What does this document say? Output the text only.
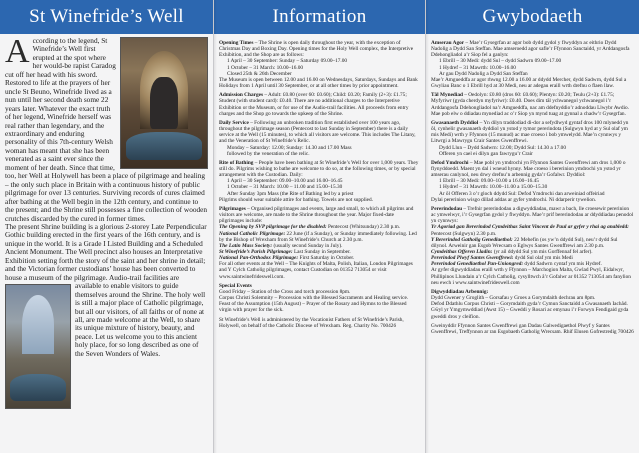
St Winefride’s Well
A ccording to the legend, St Winefride’s Well first erupted at the spot where her would-be rapist Caradog cut off her head with his sword. Restored to life at the prayers of her uncle St Beuno, Winefride lived as a nun until her second death some 22 years later. Whatever the exact truth of her legend, Winefride herself was real rather than legendary, and the extraordinary and enduring personality of this 7th-century Welsh woman has meant that she has been venerated as a saint ever since the moment of her death. Since that time, too, her Well at Holywell has been a place of pilgrimage and healing – the only such place in Britain with a continuous history of public pilgrimage for over 13 centuries. Surviving records of cures claimed after bathing at the Well begin in the 12th century, and continue to the present; and the Shrine still possesses a fine collection of wooden crutches discarded by the cured in former times.
The present Shrine building is a glorious 2-storey Late Perpendicular Gothic building erected in the first years of the 16th century, and is unique in the world. It is a Grade I Listed Building and a Scheduled Ancient Monument. The Well precinct also houses an Interpretative Exhibition setting forth the story of the saint and her shrine in detail; and the Victorian former custodians’ house has been converted to house a museum of the pilgrimage. Audio-trail facilities are
available to enable visitors to guide themselves around the Shrine. The holy well is still a major place of Catholic pilgrimage, but all our visitors, of all faiths or of none at all, are made welcome at the Well, to share its unique mixture of history, beauty, and peace. Let us welcome you to this ancient holy place, for so long described as one of the Seven Wonders of Wales.
Information
Opening Times – The Shrine is open daily throughout the year, with the exception of Christmas Day and Boxing Day. Opening times for the Holy Well complex, the Interpretive Exhibition, and the Shop are as follows:
1 April – 30 September: Sunday – Saturday 09.00–17.00
1 October – 31 March: 10.00–16.00
Closed 25th & 26th December
The Museum is open between 12.00 and 16.00 on Wednesdays, Saturdays, Sundays and Bank Holidays from 1 April until 30 September, or at all other times by prior appointment.
Admission Charges – Adult: £0.80 (over 60: £0.60); Child: £0.20; Family (2+3): £1.75; Student (with student card): £0.40. There are no additional charges to the Interpretive Exhibition or the Museum, or for use of the Audio-trail facilities. All proceeds from entry charges and the Shop go towards the upkeep of the Shrine.
Daily Service – Following an unbroken tradition first established over 100 years ago, throughout the pilgrimage season (Pentecost to last Sunday in September) there is a daily service at the Well (15 minutes), to which all visitors are welcome. This includes The Litany, and the Veneration of St Winefride’s Relic.
Monday – Saturday: 12.00; Sunday: 14.30 and 17.00 Mass
followed by the veneration of the relic.
Rite of Bathing – People have been bathing at St Winefride’s Well for over 1,000 years. They still do. Pilgrims wishing to bathe are welcome to do so, at the following times, or by special arrangement with the Custodian. Daily:
1 April – 30 September: 09.00–10.00 and 16.00–16.45
1 October – 31 March: 10.00 – 11.00 and 15.00–15.30
After Sunday 3pm Mass (the Rite of Bathing led by a priest
Pilgrims should wear suitable attire for bathing. Towels are not supplied.
Pilgrimages – Organised pilgrimages and events, large and small, to which all pilgrims and visitors are welcome, are made to the Shrine throughout the year. Major fixed-date pilgrimages include:
The Opening by SVP pilgrimage for the disabled: Pentecost (Whitsunday) 2.30 p.m.
National Catholic Pilgrimage: 22 June (if a Sunday), or Sunday immediately following. Led by the Bishop of Wrexham from St Winefride’s Church at 2.30 p.m.
The Latin Mass Society: (usually second Sunday in July).
St Winefride’s Parish Pilgrimage: Last Sunday in September.
National Pan-Orthodox Pilgrimage: First Saturday in October.
For all other events at the Well – The Knights of Malta, Polish, Italian, London Pilgrimages and Y Cylch Catholig pilgrimages, contact Custodian on 01352 713054 or visit www.saintwinefrideswell.com.
Special Events
Good Friday – Station of the Cross and torch procession 8pm.
Corpus Christi Solemnity – Procession with the Blessed Sacraments and Healing service.
Feast of the Assumption (15th August) – Prayer of the Rosary and Hymns to the Blessed virgin with prayer for the sick.
St Winefride’s Well is administered by the Vocationist Fathers of St Winefride’s Parish, Holywell, on behalf of the Catholic Diocese of Wrexham. Reg. Charity No. 700426
Gwybodaeth
Amserau Agor – Mae’r Gysegrfan ar agor bob dydd gydol y flwyddyn ac eithrio Dydd Nadolig a Dydd San Steffan. Mae amseroedd agor safle’r Ffynnon Sanctaidd, yr Arddangosfa Ddehongliadol a’r Siop fel a ganlyn:
1 Ebrill – 30 Medi: dydd Sul – dydd Sadwrn 09.00–17.00
1 Hydref – 31 Mawrth: 10.00–16.00
Ar gau Dydd Nadolig a Dydd San Steffan
Mae’r Amgueddfa ar agor rhwng 12.00 a 16.00 ar ddydd Mercher, dydd Sadwrn, dydd Sul a Gwyliau Banc o 1 Ebrill hyd at 30 Medi, neu ar adegau eraill wrth drefnu o flaen llaw.
Tâl Mynediad – Oedolyn: £0.80 (dros 60: £0.60); Plentyn: £0.20; Teulu (2+3): £1.75; Myfyriwr (gyda cherdyn myfyriwr): £0.40. Does dim tâl ychwanegol ychwanegol i’r Arddangosfa Ddehongliadol na’r Amgueddfa, nac am ddefnyddio’r adnoddau Llwybr Awdio. Mae pob elw o ddiadau mynediad ac o’r Siop yn mynd tuag at gynnal a chadw’r Gysegrfan.
Gwasanaeth Dyddiol – Yn dilyn traddodiad di-dor a sefydlwyd gyntaf dros 100 mlynedd yn ôl, cynhelir gwasanaeth dyddiol yn ystod y tymor pererindota (Sulgwyn hyd at y Sul olaf ym mis Medi) wrth y Ffynnon (15 munud) ac mae croeso i bob ymwelydd. Mae’n cynnwys y Litwrgi a Mawrygu Crair Santes Gwenffrewi.
Dydd Llun – Dydd Sadwrn: 12.00; Dydd Sul: 14.30 a 17.00
Offeren yn cael ei dilyn gan fawrygu’r Crair
Defod Ymdrochi – Mae pobl yn ymdrochi yn Ffynnon Santes Gwenffrewi am dros 1,000 o flynyddoedd. Maent yn dal i wneud hynny. Mae croeso i bererinion ymdrochi yn ystod yr amserau canlynol, neu drwy drefnu’n arbennig gyda’r Gofalwr. Dyddiol:
1 Ebrill – 30 Medi: 09.00–10.00 a 16.00–16.45
1 Hydref – 31 Mawrth: 10.00–11.00 a 15.00–15.30
Ar ôl Offeren 3 o’r gloch ddydd Sul: Defod Ymdrochi dan arweiniad offeiriad
Dylai pererinion wisgo dillad addas ar gyfer ymdrochi. Ni ddarperir tywelion.
Pererindodau – Trefnir pererindodau a digwyddiadau, mawr a bach, lle croesewir pererinion ac ymwelwyr, i’r Gysegrfan gydol y flwyddyn. Mae’r prif bererindodau ar ddyddiadau penodol yn cynnwys:
Yr Agoriad gan Bererindod Cymdeithas Saint Vincent de Paul ar gyfer y rhai ag anabledd: Pentecost (Sulgwyn) 2.30 p.m.
Y Bererindod Gatholig Genedlaethol: 22 Mehefin (os yw’n ddydd Sul), neu’r dydd Sul dilynol. Arweinir gan Esgob Wrecsam o Eglwys Santes Gwenffrewi am 2.30 p.m.
Cymdeithas Offeren Lladin: (yr ail ddydd Sul ym mis Gorffennaf fel arfer).
Pererindod Plwyf Santes Gwenffrewi: dydd Sul olaf ym mis Medi
Pererindod Genedlaethol Pan-Uniongred: dydd Sadwrn cyntaf ym mis Hydref.
Ar gyfer digwyddiadau eraill wrth y Ffynnon – Marchogion Malta, Gwlad Pwyl, Eidalwyr, Phillipinos Llundain a’r Cylch Catholig, cysylltwch â’r Gofalwr ar 01352 713054 am fanylion neu ewch i www.saintwinefrideswell.com
Digwyddiadau Arbennig:
Dydd Gwener y Groglith – Gorsafau y Groes a Gorymdaith dechrau am 8pm.
Defod Ddathlu Corpus Christi – Gorymdaith gyda’r Cymun Sanctaidd a Gwasanaeth Iachâd.
Gŵyl yr Ymgymwddiad (Awst 15) – Gweddi y Rosari ac emynau i’r Forwyn Fendigaid gyda gweddi dros y cleifion.
Gweinyddir Ffynnon Santes Gwenffrewi gan Dadau Galwedigaethol Plwyf y Santes Gwenffrewi, Treffynnon ar ran Esgobaeth Gatholig Wrecsam. Rhif Elusen Gofrestredig 700426
